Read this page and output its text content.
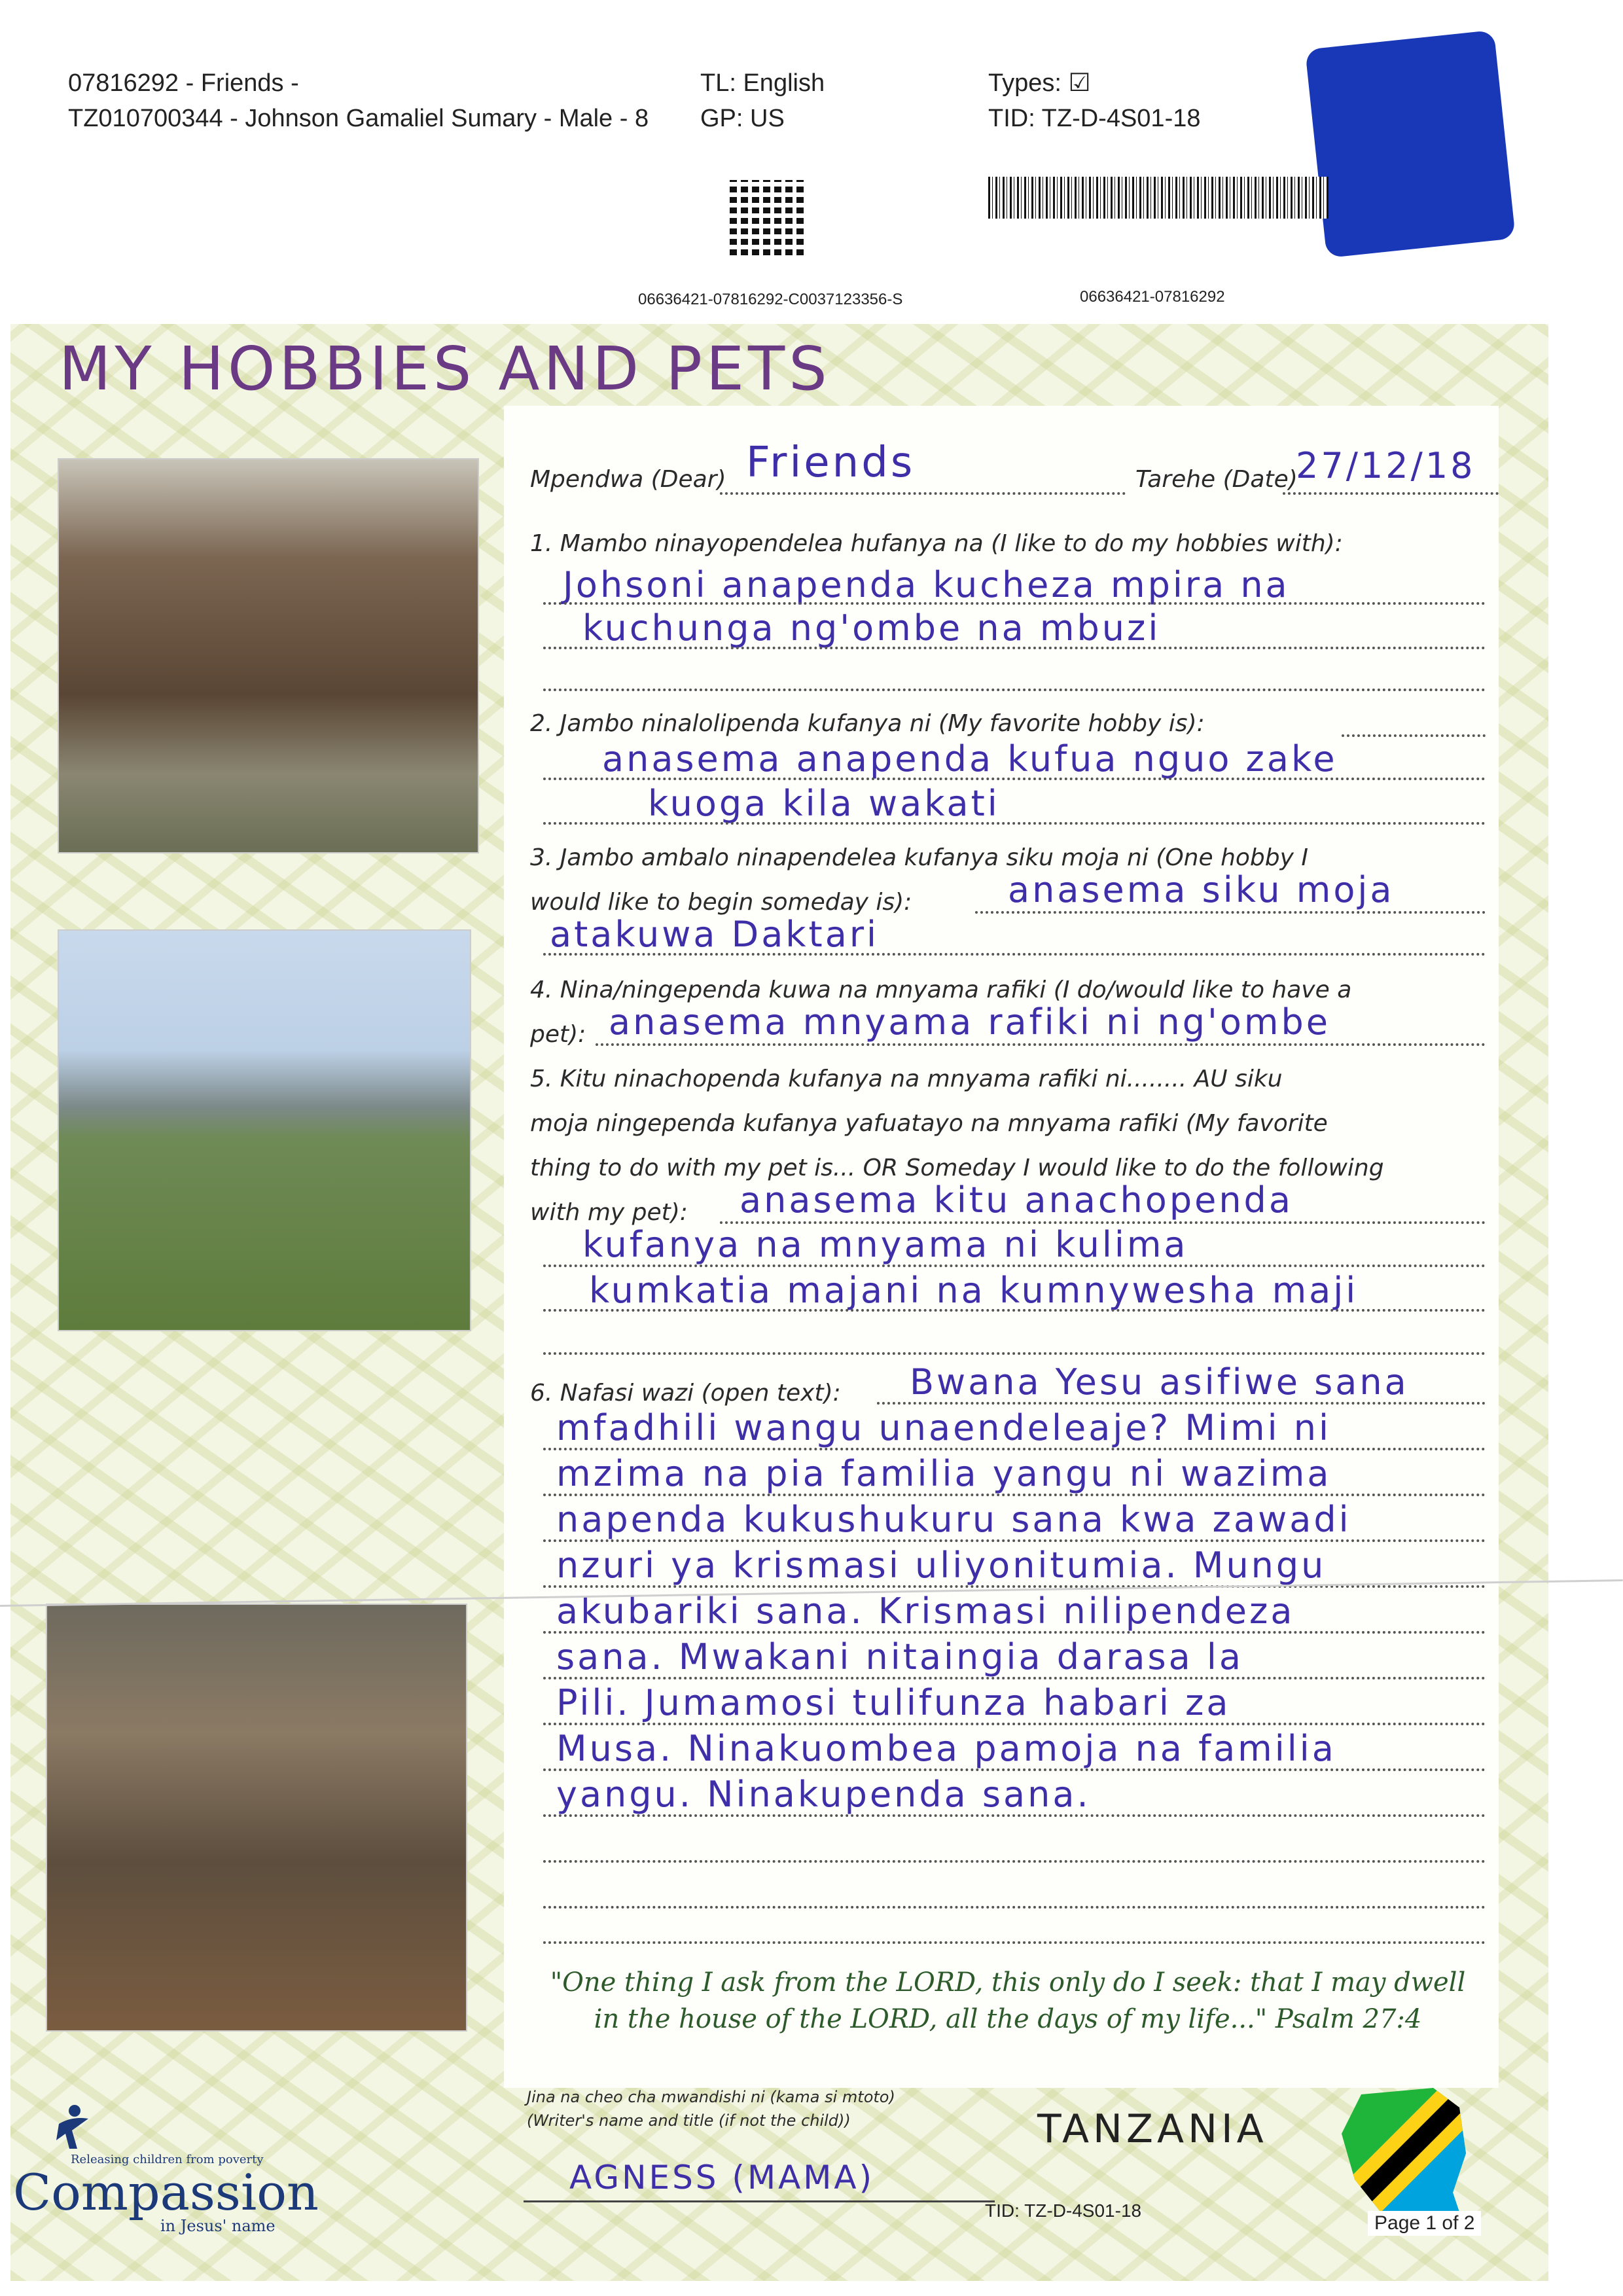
07816292 - Friends -
TZ010700344 - Johnson Gamaliel Sumary - Male - 8
TL: English
GP: US
Types: ☑
TID: TZ-D-4S01-18
06636421-07816292-C0037123356-S	06636421-07816292
MY HOBBIES AND PETS
Mpendwa (Dear) Friends	Tarehe (Date)
27/12/18
1. Mambo ninayopendelea hufanya na (I like to do my hobbies with):
Johsoni anapenda kucheza mpira na
kuchunga ng'ombe na mbuzi
2. Jambo ninalolipenda kufanya ni (My favorite hobby is):
anasema anapenda kufua nguo zake
kuoga kila wakati
3. Jambo ambalo ninapendelea kufanya siku moja ni (One hobby I
would like to begin someday is):	anasema siku moja
atakuwa Daktari
4. Nina/ningependa kuwa na mnyama rafiki (I do/would like to have a
pet): anasema mnyama rafiki ni ng'ombe
5. Kitu ninachopenda kufanya na mnyama rafiki ni........ AU siku
moja ningependa kufanya yafuatayo na mnyama rafiki (My favorite
thing to do with my pet is... OR Someday I would like to do the following
with my pet): anasema kitu anachopenda
kufanya na mnyama ni kulima
kumkatia majani na kumnywesha maji
6. Nafasi wazi (open text): Bwana Yesu asifiwe sana
mfadhili wangu unaendeleaje? Mimi ni
mzima na pia familia yangu ni wazima
napenda kukushukuru sana kwa zawadi
nzuri ya krismasi uliyonitumia. Mungu
akubariki sana. Krismasi nilipendeza
sana. Mwakani nitaingia darasa la
Pili. Jumamosi tulifunza habari za
Musa. Ninakuombea pamoja na familia
yangu. Ninakupenda sana.
"One thing I ask from the LORD, this only do I seek: that I may dwell
in the house of the LORD, all the days of my life..." Psalm 27:4
Jina na cheo cha mwandishi ni (kama si mtoto)
(Writer's name and title (if not the child))
AGNESS (MAMA)
TANZANIA
TID: TZ-D-4S01-18
Page 1 of 2
Releasing children from poverty
Compassion
in Jesus' name
